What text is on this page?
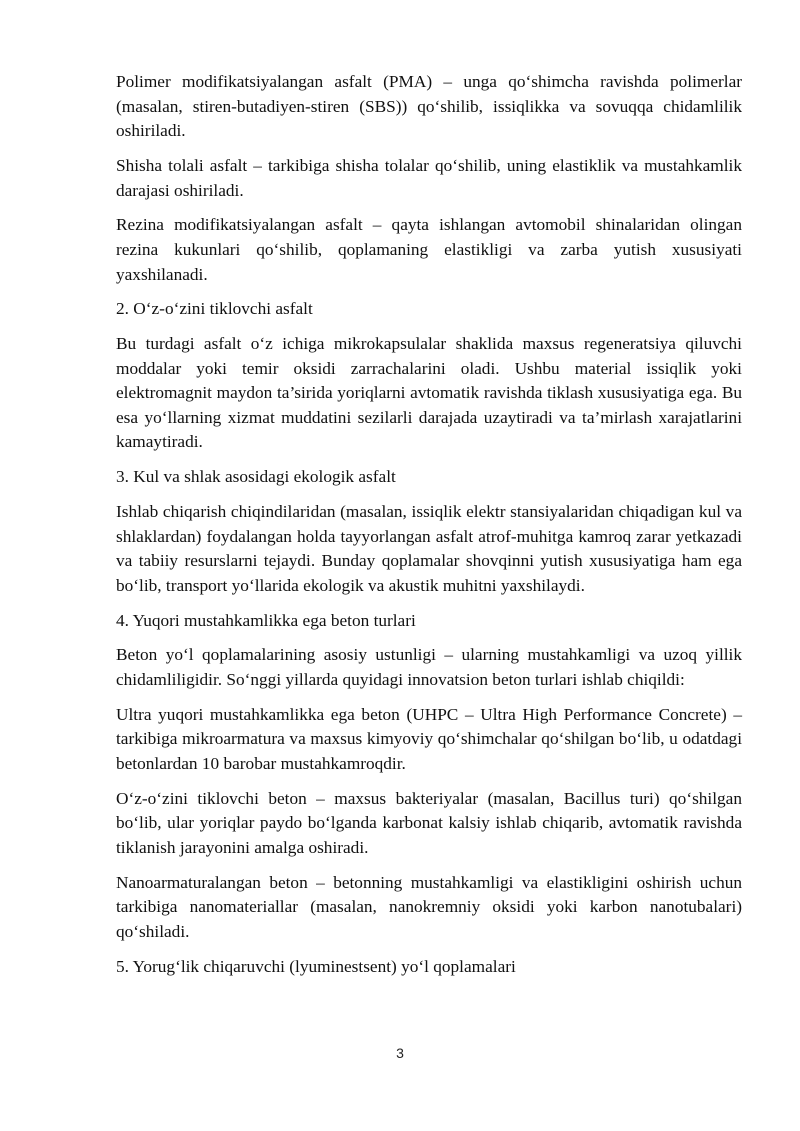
Polimer modifikatsiyalangan asfalt (PMA) – unga qo‘shimcha ravishda polimerlar (masalan, stiren-butadiyen-stiren (SBS)) qo‘shilib, issiqlikka va sovuqqa chidamlilik oshiriladi.

Shisha tolali asfalt – tarkibiga shisha tolalar qo‘shilib, uning elastiklik va mustahkamlik darajasi oshiriladi.

Rezina modifikatsiyalangan asfalt – qayta ishlangan avtomobil shinalaridan olingan rezina kukunlari qo‘shilib, qoplamaning elastikligi va zarba yutish xususiyati yaxshilanadi.

2. O‘z-o‘zini tiklovchi asfalt

Bu turdagi asfalt o‘z ichiga mikrokapsulalar shaklida maxsus regeneratsiya qiluvchi moddalar yoki temir oksidi zarrachalarini oladi. Ushbu material issiqlik yoki elektromagnit maydon ta’sirida yoriqlarni avtomatik ravishda tiklash xususiyatiga ega. Bu esa yo‘llarning xizmat muddatini sezilarli darajada uzaytiradi va ta’mirlash xarajatlarini kamaytiradi.

3. Kul va shlak asosidagi ekologik asfalt

Ishlab chiqarish chiqindilaridan (masalan, issiqlik elektr stansiyalaridan chiqadigan kul va shlaklardan) foydalangan holda tayyorlangan asfalt atrof-muhitga kamroq zarar yetkazadi va tabiiy resurslarni tejaydi. Bunday qoplamalar shovqinni yutish xususiyatiga ham ega bo‘lib, transport yo‘llarida ekologik va akustik muhitni yaxshilaydi.

4. Yuqori mustahkamlikka ega beton turlari

Beton yo‘l qoplamalarining asosiy ustunligi – ularning mustahkamligi va uzoq yillik chidamliligidir. So‘nggi yillarda quyidagi innovatsion beton turlari ishlab chiqildi:

Ultra yuqori mustahkamlikka ega beton (UHPC – Ultra High Performance Concrete) – tarkibiga mikroarmatura va maxsus kimyoviy qo‘shimchalar qo‘shilgan bo‘lib, u odatdagi betonlardan 10 barobar mustahkamroqdir.

O‘z-o‘zini tiklovchi beton – maxsus bakteriyalar (masalan, Bacillus turi) qo‘shilgan bo‘lib, ular yoriqlar paydo bo‘lganda karbonat kalsiy ishlab chiqarib, avtomatik ravishda tiklanish jarayonini amalga oshiradi.

Nanoarmaturalangan beton – betonning mustahkamligi va elastikligini oshirish uchun tarkibiga nanomateriallar (masalan, nanokremniy oksidi yoki karbon nanotubalari) qo‘shiladi.

5. Yorug‘lik chiqaruvchi (lyuminestsent) yo‘l qoplamalari

3
